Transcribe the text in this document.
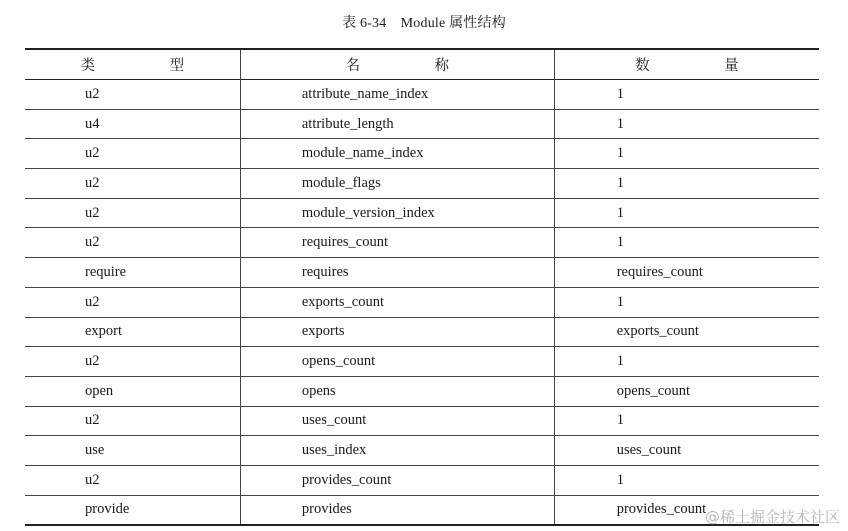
表 6-34　Module 属性结构
类　型	名　称	数　量
u2	attribute_name_index	1
u4	attribute_length	1
u2	module_name_index	1
u2	module_flags	1
u2	module_version_index	1
u2	requires_count	1
require	requires	requires_count
u2	exports_count	1
export	exports	exports_count
u2	opens_count	1
open	opens	opens_count
u2	uses_count	1
use	uses_index	uses_count
u2	provides_count	1
provide	provides	provides_count
@稀土掘金技术社区
